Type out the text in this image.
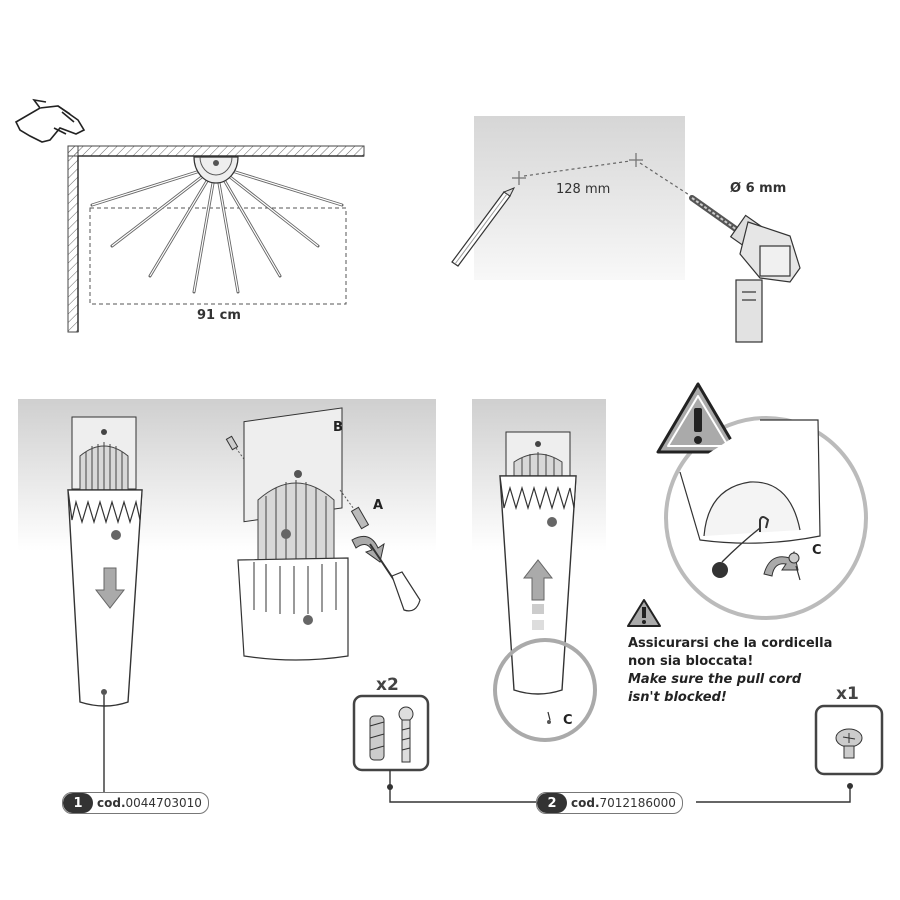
91 cm
128 mm	Ø 6 mm
B
A
C
C
x2	x1
Assicurarsi che la cordicella
non sia bloccata!
Make sure the pull cord
isn't blocked!
1	cod.0044703010	2	cod.7012186000
